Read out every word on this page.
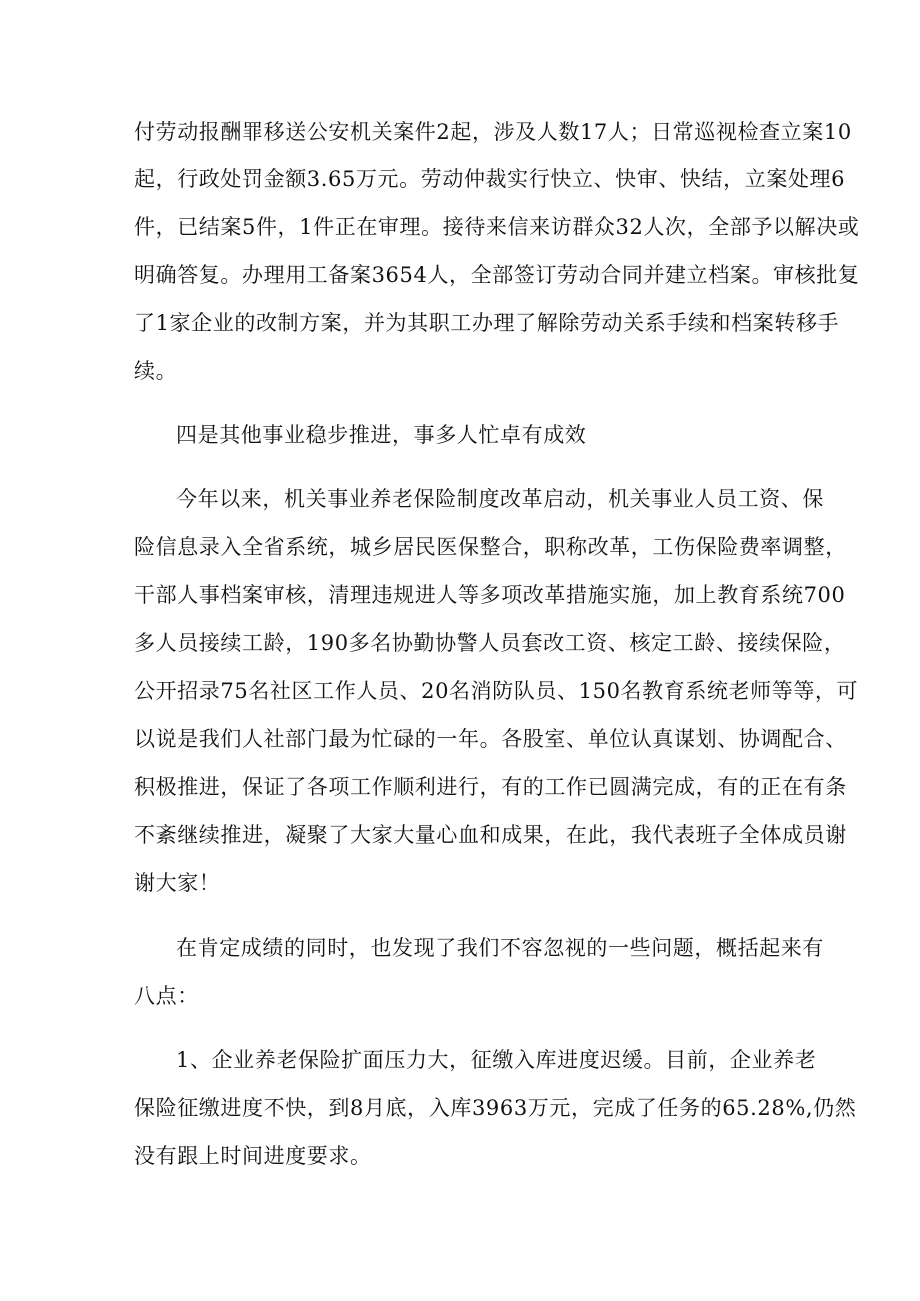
付劳动报酬罪移送公安机关案件2起，涉及人数17人；日常巡视检查立案10
起，行政处罚金额3.65万元。劳动仲裁实行快立、快审、快结，立案处理6
件，已结案5件，1件正在审理。接待来信来访群众32人次，全部予以解决或
明确答复。办理用工备案3654人，全部签订劳动合同并建立档案。审核批复
了1家企业的改制方案，并为其职工办理了解除劳动关系手续和档案转移手
续。
四是其他事业稳步推进，事多人忙卓有成效
今年以来，机关事业养老保险制度改革启动，机关事业人员工资、保
险信息录入全省系统，城乡居民医保整合，职称改革，工伤保险费率调整，
干部人事档案审核，清理违规进人等多项改革措施实施，加上教育系统700
多人员接续工龄，190多名协勤协警人员套改工资、核定工龄、接续保险，
公开招录75名社区工作人员、20名消防队员、150名教育系统老师等等，可
以说是我们人社部门最为忙碌的一年。各股室、单位认真谋划、协调配合、
积极推进，保证了各项工作顺利进行，有的工作已圆满完成，有的正在有条
不紊继续推进，凝聚了大家大量心血和成果，在此，我代表班子全体成员谢
谢大家！
在肯定成绩的同时，也发现了我们不容忽视的一些问题，概括起来有
八点：
1、企业养老保险扩面压力大，征缴入库进度迟缓。目前，企业养老
保险征缴进度不快，到8月底，入库3963万元，完成了任务的65.28%,仍然
没有跟上时间进度要求。
